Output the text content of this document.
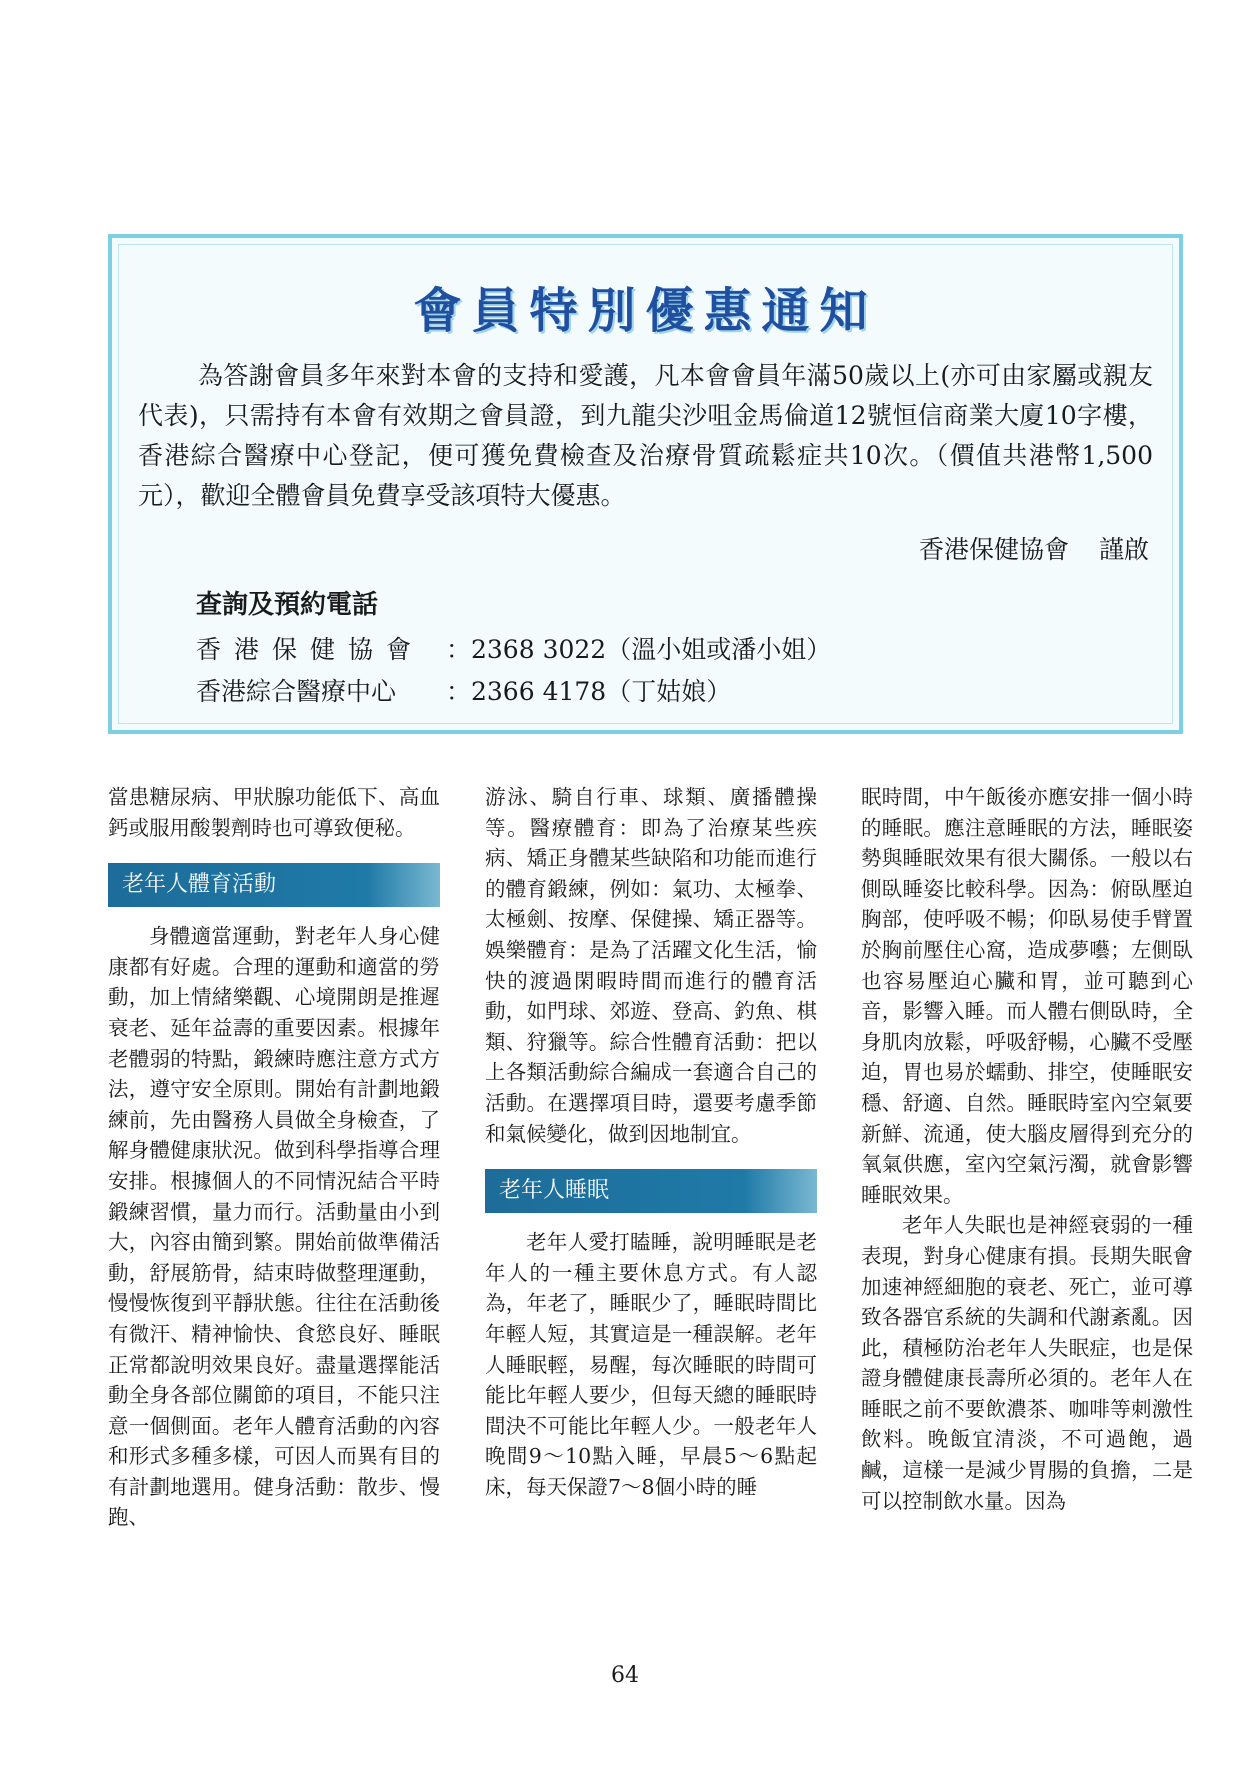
會員特別優惠通知

為答謝會員多年來對本會的支持和愛護，凡本會會員年滿50歲以上(亦可由家屬或親友代表)，只需持有本會有效期之會員證，到九龍尖沙咀金馬倫道12號恒信商業大廈10字樓，香港綜合醫療中心登記，便可獲免費檢查及治療骨質疏鬆症共10次。（價值共港幣1,500元），歡迎全體會員免費享受該項特大優惠。

香港保健協會 謹啟
查詢及預約電話
香港保健協會 ：2368 3022（溫小姐或潘小姐）
香港綜合醫療中心 ：2366 4178（丁姑娘）

當患糖尿病、甲狀腺功能低下、高血鈣或服用酸製劑時也可導致便秘。

老年人體育活動

身體適當運動，對老年人身心健康都有好處。合理的運動和適當的勞動，加上情緒樂觀、心境開朗是推遲衰老、延年益壽的重要因素。根據年老體弱的特點，鍛練時應注意方式方法，遵守安全原則。開始有計劃地鍛練前，先由醫務人員做全身檢查，了解身體健康狀況。做到科學指導合理安排。根據個人的不同情況結合平時鍛練習慣，量力而行。活動量由小到大，內容由簡到繁。開始前做準備活動，舒展筋骨，結束時做整理運動，慢慢恢復到平靜狀態。往往在活動後有微汗、精神愉快、食慾良好、睡眠正常都說明效果良好。盡量選擇能活動全身各部位關節的項目，不能只注意一個側面。老年人體育活動的內容和形式多種多樣，可因人而異有目的有計劃地選用。健身活動：散步、慢跑、

游泳、騎自行車、球類、廣播體操等。醫療體育：即為了治療某些疾病、矯正身體某些缺陷和功能而進行的體育鍛練，例如：氣功、太極拳、太極劍、按摩、保健操、矯正器等。娛樂體育：是為了活躍文化生活，愉快的渡過閑暇時間而進行的體育活動，如門球、郊遊、登高、釣魚、棋類、狩獵等。綜合性體育活動：把以上各類活動綜合編成一套適合自己的活動。在選擇項目時，還要考慮季節和氣候變化，做到因地制宜。

老年人睡眠

老年人愛打瞌睡，說明睡眠是老年人的一種主要休息方式。有人認為，年老了，睡眠少了，睡眠時間比年輕人短，其實這是一種誤解。老年人睡眠輕，易醒，每次睡眠的時間可能比年輕人要少，但每天總的睡眠時間決不可能比年輕人少。一般老年人晚間9～10點入睡，早晨5～6點起床，每天保證7～8個小時的睡

眠時間，中午飯後亦應安排一個小時的睡眠。應注意睡眠的方法，睡眠姿勢與睡眠效果有很大關係。一般以右側臥睡姿比較科學。因為：俯臥壓迫胸部，使呼吸不暢；仰臥易使手臂置於胸前壓住心窩，造成夢囈；左側臥也容易壓迫心臟和胃，並可聽到心音，影響入睡。而人體右側臥時，全身肌肉放鬆，呼吸舒暢，心臟不受壓迫，胃也易於蠕動、排空，使睡眠安穩、舒適、自然。睡眠時室內空氣要新鮮、流通，使大腦皮層得到充分的氧氣供應，室內空氣污濁，就會影響睡眠效果。

老年人失眠也是神經衰弱的一種表現，對身心健康有損。長期失眠會加速神經細胞的衰老、死亡，並可導致各器官系統的失調和代謝紊亂。因此，積極防治老年人失眠症，也是保證身體健康長壽所必須的。老年人在睡眠之前不要飲濃茶、咖啡等刺激性飲料。晚飯宜清淡，不可過飽，過鹹，這樣一是減少胃腸的負擔，二是可以控制飲水量。因為

64
